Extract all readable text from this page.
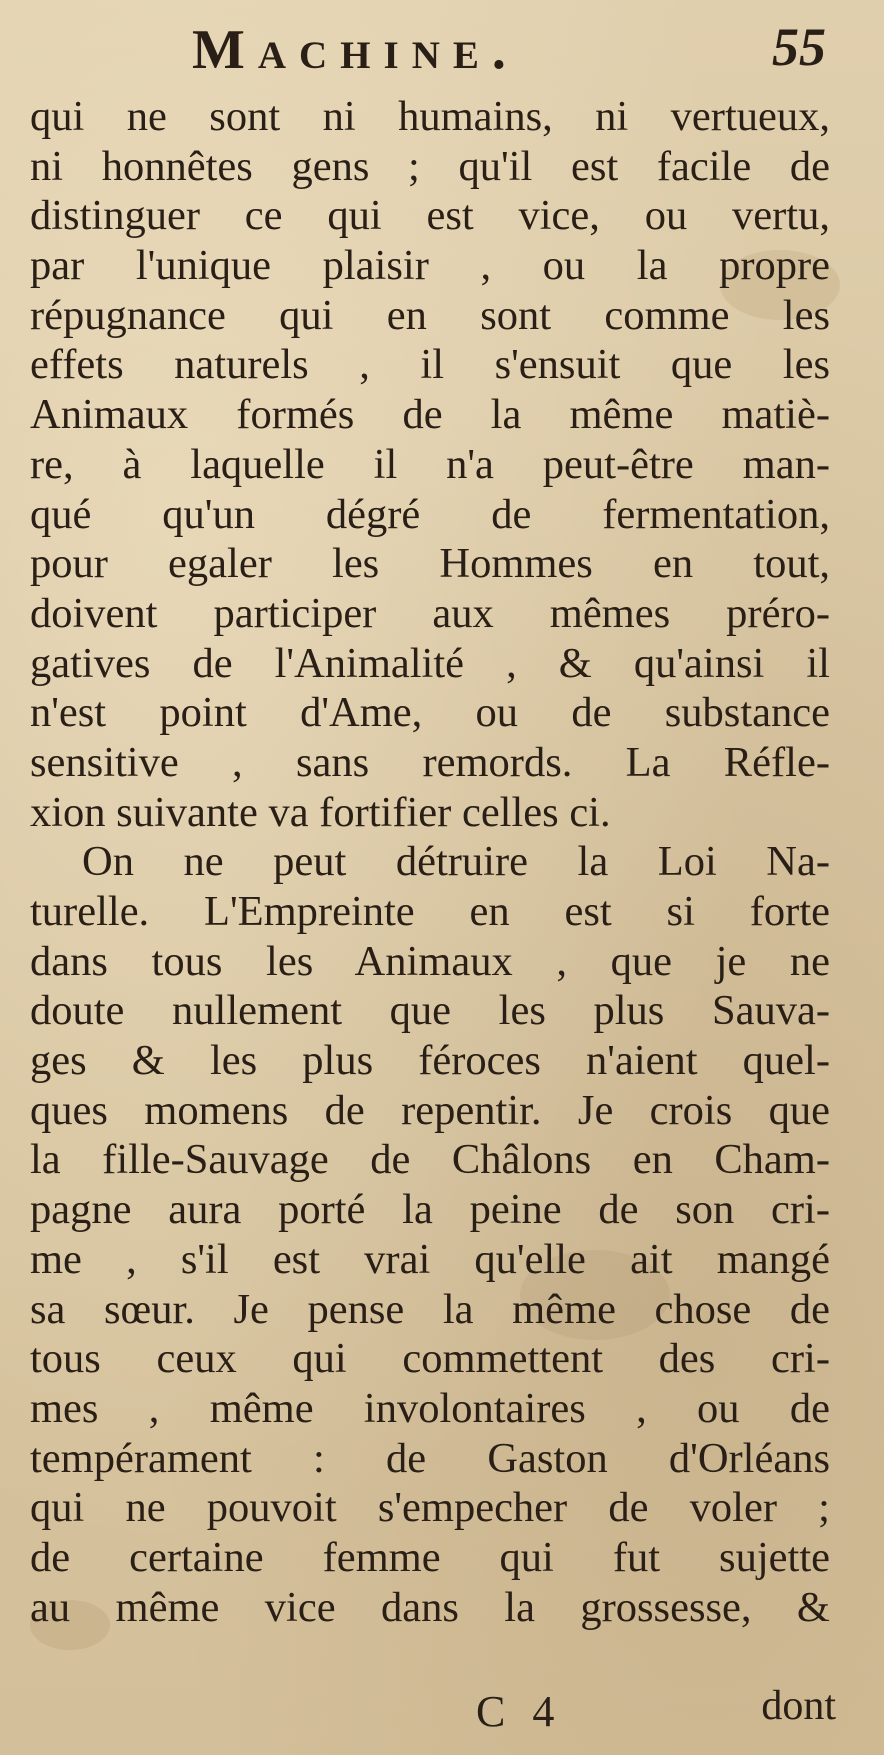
Machine.	55
qui ne sont ni humains, ni vertueux,
ni honnêtes gens ; qu'il est facile de
distinguer ce qui est vice, ou vertu,
par l'unique plaisir , ou la propre
répugnance qui en sont comme les
effets naturels , il s'ensuit que les
Animaux formés de la même matiè-
re, à laquelle il n'a peut-être man-
qué qu'un dégré de fermentation,
pour egaler les Hommes en tout,
doivent participer aux mêmes préro-
gatives de l'Animalité , & qu'ainsi il
n'est point d'Ame, ou de substance
sensitive , sans remords. La Réfle-
xion suivante va fortifier celles ci.
On ne peut détruire la Loi Na-
turelle. L'Empreinte en est si forte
dans tous les Animaux , que je ne
doute nullement que les plus Sauva-
ges & les plus féroces n'aient quel-
ques momens de repentir. Je crois que
la fille-Sauvage de Châlons en Cham-
pagne aura porté la peine de son cri-
me , s'il est vrai qu'elle ait mangé
sa sœur. Je pense la même chose de
tous ceux qui commettent des cri-
mes , même involontaires , ou de
tempérament : de Gaston d'Orléans
qui ne pouvoit s'empecher de voler ;
de certaine femme qui fut sujette
au même vice dans la grossesse, &
C 4	dont
